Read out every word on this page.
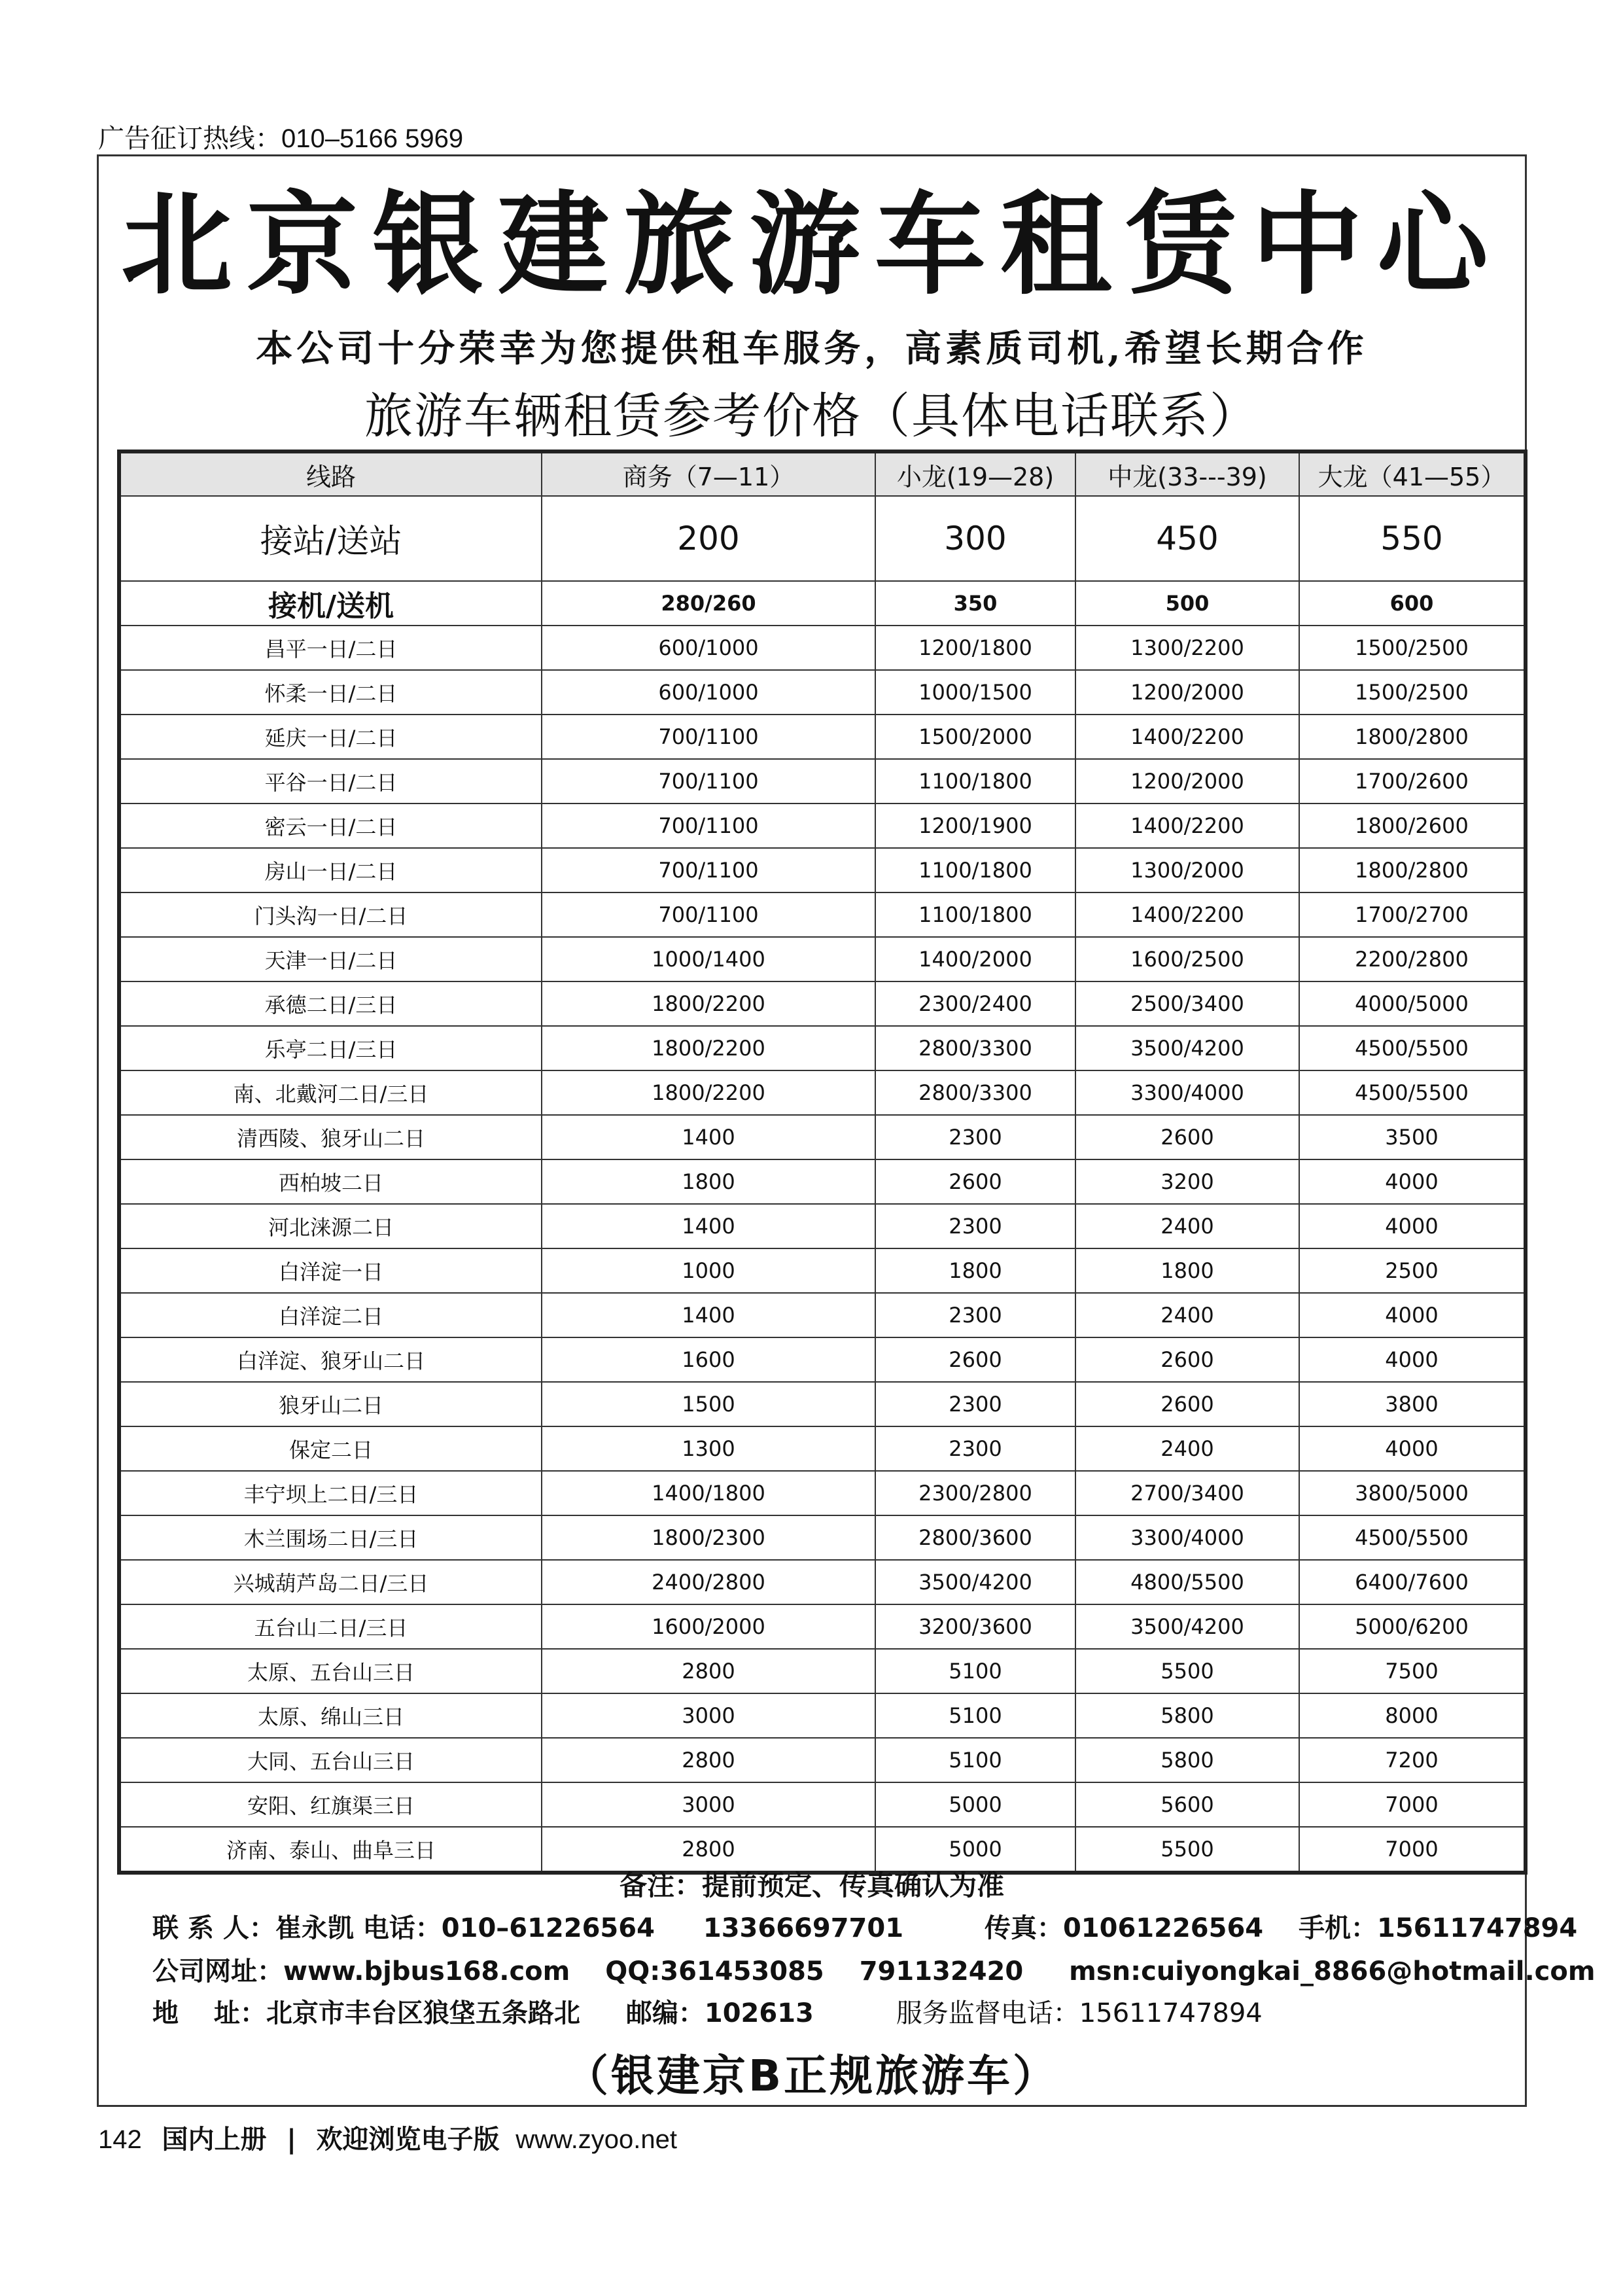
广告征订热线：010–5166 5969
北京银建旅游车租赁中心
本公司十分荣幸为您提供租车服务，高素质司机,希望长期合作
旅游车辆租赁参考价格（具体电话联系）
线路	商务（7—11）	小龙(19—28)	中龙(33---39)	大龙（41—55）
接站/送站	200	300	450	550
接机/送机	280/260	350	500	600
昌平一日/二日	600/1000	1200/1800	1300/2200	1500/2500
怀柔一日/二日	600/1000	1000/1500	1200/2000	1500/2500
延庆一日/二日	700/1100	1500/2000	1400/2200	1800/2800
平谷一日/二日	700/1100	1100/1800	1200/2000	1700/2600
密云一日/二日	700/1100	1200/1900	1400/2200	1800/2600
房山一日/二日	700/1100	1100/1800	1300/2000	1800/2800
门头沟一日/二日	700/1100	1100/1800	1400/2200	1700/2700
天津一日/二日	1000/1400	1400/2000	1600/2500	2200/2800
承德二日/三日	1800/2200	2300/2400	2500/3400	4000/5000
乐亭二日/三日	1800/2200	2800/3300	3500/4200	4500/5500
南、北戴河二日/三日	1800/2200	2800/3300	3300/4000	4500/5500
清西陵、狼牙山二日	1400	2300	2600	3500
西柏坡二日	1800	2600	3200	4000
河北涞源二日	1400	2300	2400	4000
白洋淀一日	1000	1800	1800	2500
白洋淀二日	1400	2300	2400	4000
白洋淀、狼牙山二日	1600	2600	2600	4000
狼牙山二日	1500	2300	2600	3800
保定二日	1300	2300	2400	4000
丰宁坝上二日/三日	1400/1800	2300/2800	2700/3400	3800/5000
木兰围场二日/三日	1800/2300	2800/3600	3300/4000	4500/5500
兴城葫芦岛二日/三日	2400/2800	3500/4200	4800/5500	6400/7600
五台山二日/三日	1600/2000	3200/3600	3500/4200	5000/6200
太原、五台山三日	2800	5100	5500	7500
太原、绵山三日	3000	5100	5800	8000
大同、五台山三日	2800	5100	5800	7200
安阳、红旗渠三日	3000	5000	5600	7000
济南、泰山、曲阜三日	2800	5000	5500	7000
备注：提前预定、传真确认为准
联 系 人：崔永凯 电话：010–61226564 13366697701	传真：01061226564 手机：15611747894
公司网址：www.bjbus168.com QQ:361453085 791132420 msn:cuiyongkai_8866@hotmail.com
地　 址：北京市丰台区狼垡五条路北 邮编：102613	服务监督电话：15611747894
（银建京B正规旅游车）
142 国内上册 | 欢迎浏览电子版 www.zyoo.net
